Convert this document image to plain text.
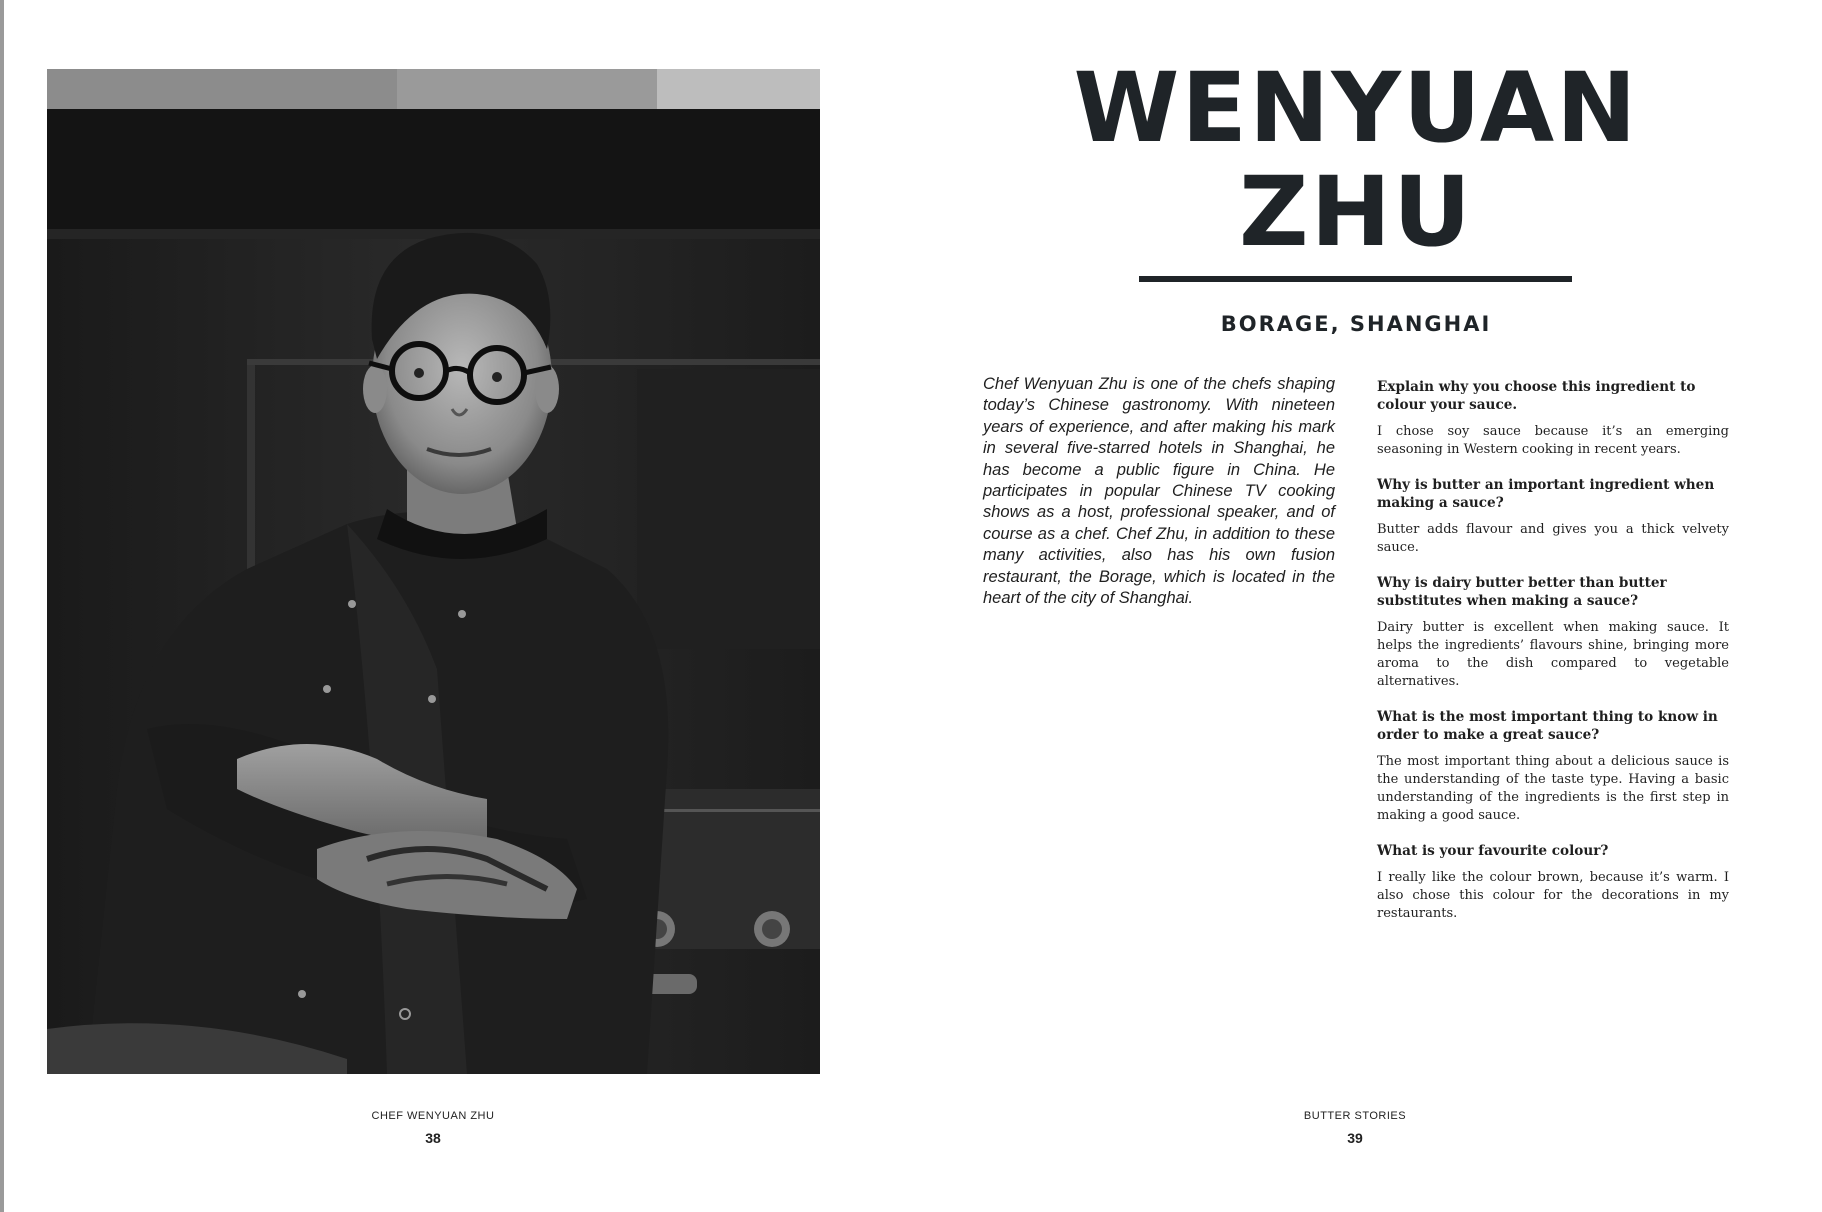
CHEF WENYUAN ZHU
38
WENYUAN
ZHU
BORAGE, SHANGHAI

Chef Wenyuan Zhu is one of the chefs shaping today’s Chinese gastronomy. With nineteen years of experience, and after making his mark in several five-starred hotels in Shanghai, he has become a public figure in China. He participates in popular Chinese TV cooking shows as a host, professional speaker, and of course as a chef. Chef Zhu, in addition to these many activities, also has his own fusion restaurant, the Borage, which is located in the heart of the city of Shanghai.

Explain why you choose this ingredient to colour your sauce.

I chose soy sauce because it’s an emerging seasoning in Western cooking in recent years.

Why is butter an important ingredient when making a sauce?

Butter adds flavour and gives you a thick velvety sauce.

Why is dairy butter better than butter substitutes when making a sauce?

Dairy butter is excellent when making sauce. It helps the ingredients’ flavours shine, bringing more aroma to the dish compared to vegetable alternatives.

What is the most important thing to know in order to make a great sauce?

The most important thing about a delicious sauce is the understanding of the taste type. Having a basic understanding of the ingredients is the first step in making a good sauce.

What is your favourite colour?

I really like the colour brown, because it’s warm. I also chose this colour for the decorations in my restaurants.

BUTTER STORIES
39
